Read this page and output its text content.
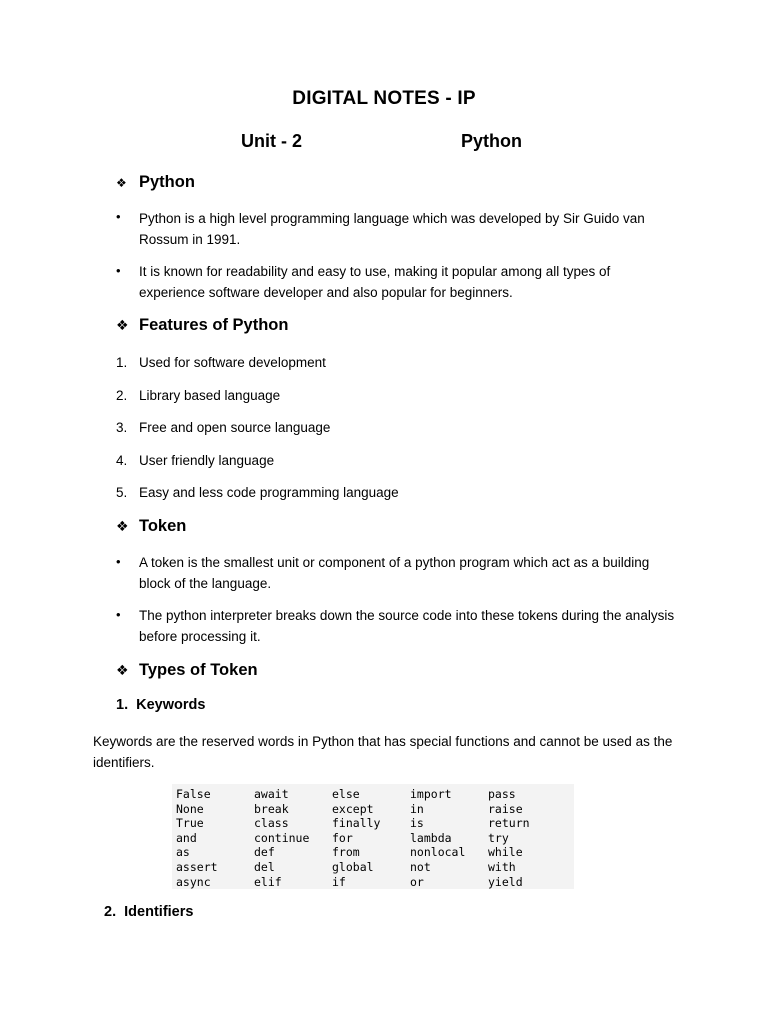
DIGITAL NOTES - IP
Unit - 2	Python
❖ Python
• Python is a high level programming language which was developed by Sir Guido van Rossum in 1991.
• It is known for readability and easy to use, making it popular among all types of experience software developer and also popular for beginners.
❖ Features of Python
1. Used for software development
2. Library based language
3. Free and open source language
4. User friendly language
5. Easy and less code programming language
❖ Token
• A token is the smallest unit or component of a python program which act as a building block of the language.
• The python interpreter breaks down the source code into these tokens during the analysis before processing it.
❖ Types of Token
1.  Keywords
Keywords are the reserved words in Python that has special functions and cannot be used as the identifiers.
False	await	else	import	pass
None	break	except	in	raise
True	class	finally	is	return
and	continue	for	lambda	try
as	def	from	nonlocal	while
assert	del	global	not	with
async	elif	if	or	yield
2.  Identifiers
